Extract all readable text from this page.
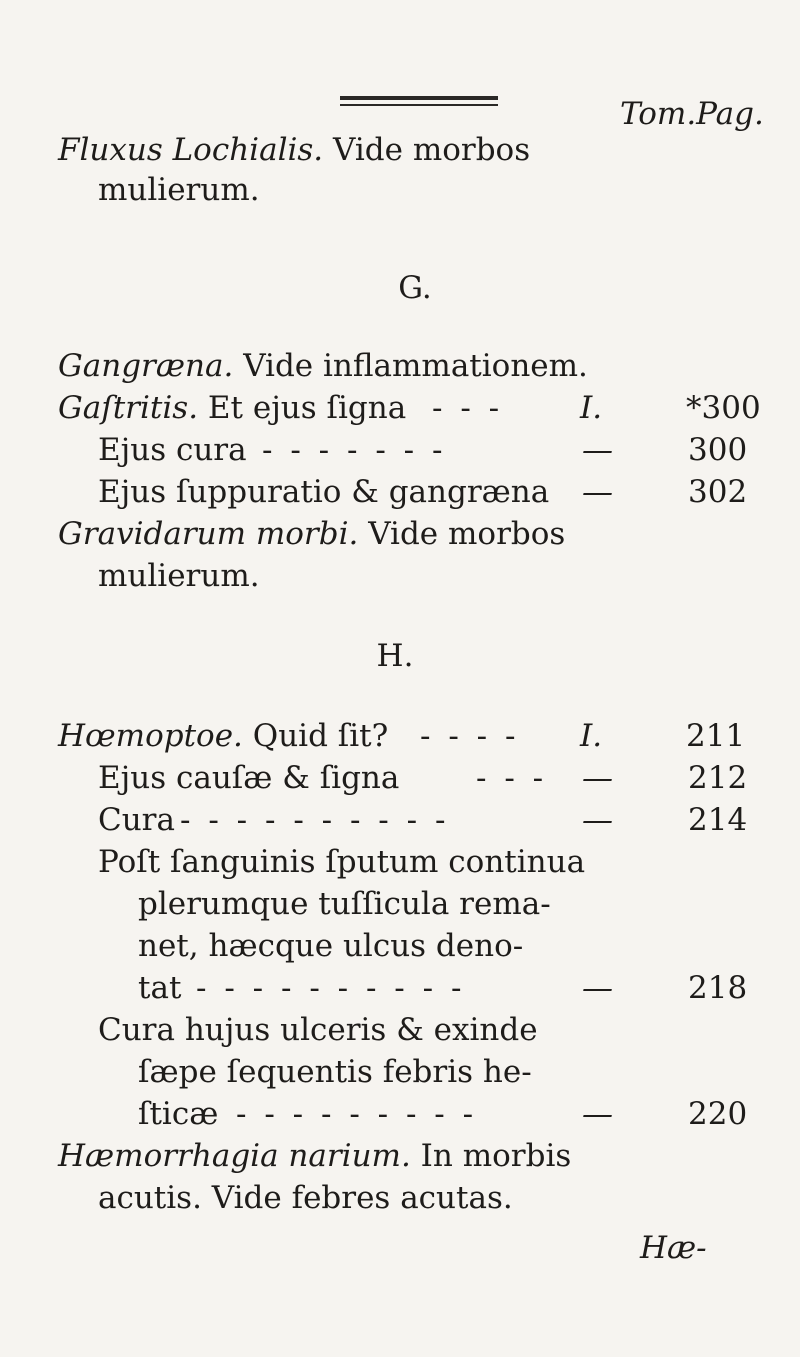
Tom.Pag.
Fluxus Lochialis. Vide morbos
mulierum.
G.
Gangræna. Vide inflammationem.
Gaſtritis. Et ejus ſigna - - - I.	*300
Ejus cura - - - - - - -	— 300
Ejus ſuppuratio & gangræna — 302
Gravidarum morbi. Vide morbos
mulierum.
H.
Hœmoptoe. Quid ſit? - - - - I.	211
Ejus cauſæ & ſigna - - - — 212
Cura - - - - - - - - - -	— 214
Poſt ſanguinis ſputum continua
plerumque tuſſicula rema-
net, hæcque ulcus deno-
tat - - - - - - - - - -	— 218
Cura hujus ulceris & exinde
ſæpe ſequentis febris he-
ſticæ - - - - - - - - -	— 220
Hæmorrhagia narium. In morbis
acutis. Vide febres acutas.
Hæ-
